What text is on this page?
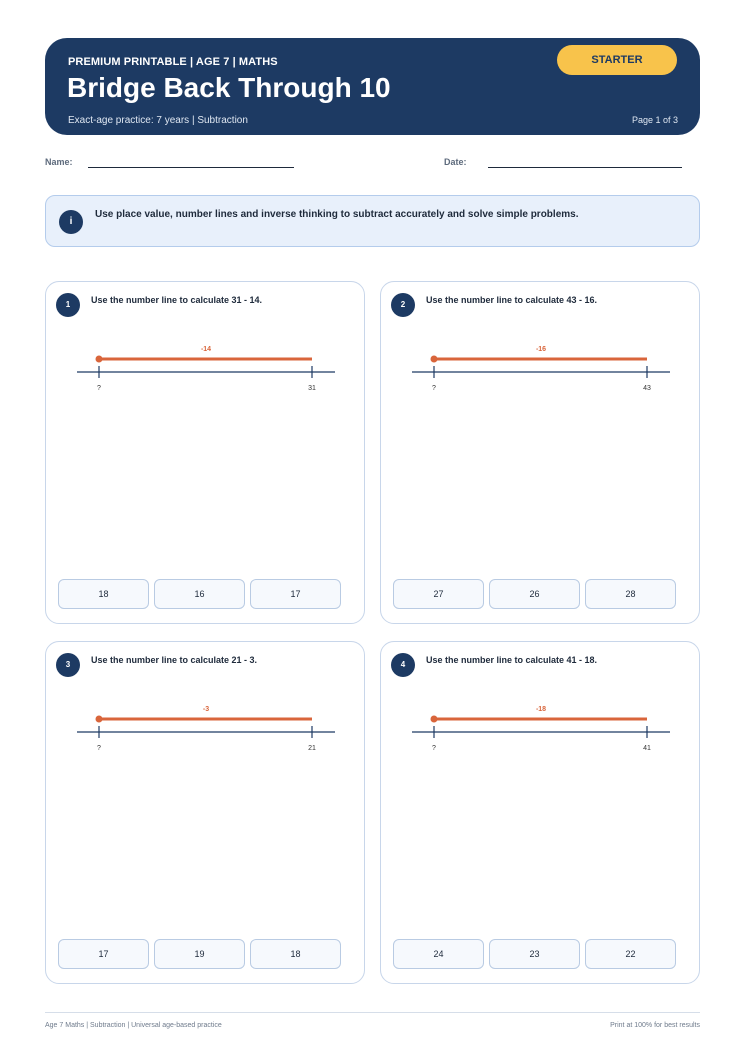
PREMIUM PRINTABLE | AGE 7 | MATHS
Bridge Back Through 10
Exact-age practice: 7 years | Subtraction	Page 1 of 3
STARTER
Name:	Date:
i
Use place value, number lines and inverse thinking to subtract accurately and solve simple problems.
1	Use the number line to calculate 31 - 14.
-14
?	31
18	16	17
2	Use the number line to calculate 43 - 16.
-16
?	43
27	26	28
3	Use the number line to calculate 21 - 3.
-3
?	21
17	19	18
4	Use the number line to calculate 41 - 18.
-18
?	41
24	23	22
Age 7 Maths | Subtraction | Universal age-based practice	Print at 100% for best results
